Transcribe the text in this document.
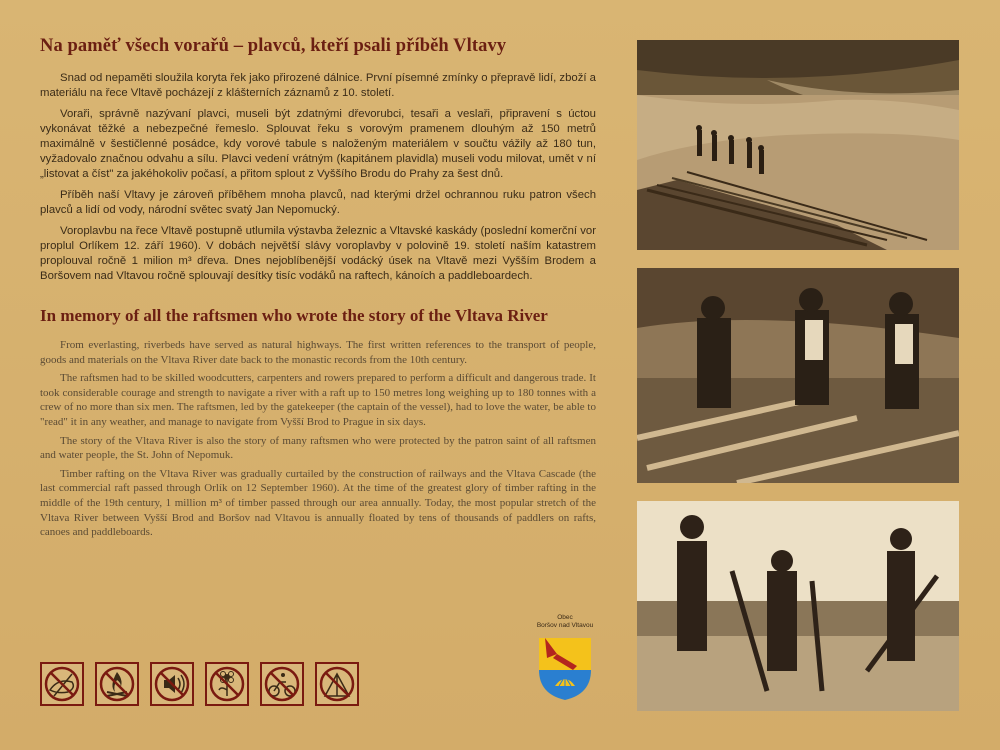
Na paměť všech vorařů – plavců, kteří psali příběh Vltavy

Snad od nepaměti sloužila koryta řek jako přirozené dálnice. První písemné zmínky o přepravě lidí, zboží a materiálu na řece Vltavě pocházejí z klášterních záznamů z 10. století.

Voraři, správně nazývaní plavci, museli být zdatnými dřevorubci, tesaři a veslaři, připravení s úctou vykonávat těžké a nebezpečné řemeslo. Splouvat řeku s vorovým pramenem dlouhým až 150 metrů maximálně v šestičlenné posádce, kdy vorové tabule s naloženým materiálem v součtu vážily až 180 tun, vyžadovalo značnou odvahu a sílu. Plavci vedení vrátným (kapitánem plavidla) museli vodu milovat, umět v ní „listovat a číst" za jakéhokoliv počasí, a přitom splout z Vyššího Brodu do Prahy za šest dnů.

Příběh naší Vltavy je zároveň příběhem mnoha plavců, nad kterými držel ochrannou ruku patron všech plavců a lidí od vody, národní světec svatý Jan Nepomucký.

Voroplavbu na řece Vltavě postupně utlumila výstavba železnic a Vltavské kaskády (poslední komerční vor proplul Orlíkem 12. září 1960). V dobách největší slávy voroplavby v polovině 19. století naším katastrem proplouval ročně 1 milion m³ dřeva. Dnes nejoblíbenější vodácký úsek na Vltavě mezi Vyšším Brodem a Boršovem nad Vltavou ročně splouvají desítky tisíc vodáků na raftech, kánoích a paddleboardech.

In memory of all the raftsmen who wrote the story of the Vltava River

From everlasting, riverbeds have served as natural highways. The first written references to the transport of people, goods and materials on the Vltava River date back to the monastic records from the 10th century.

The raftsmen had to be skilled woodcutters, carpenters and rowers prepared to perform a difficult and dangerous trade. It took considerable courage and strength to navigate a river with a raft up to 150 metres long weighing up to 180 tonnes with a crew of no more than six men. The raftsmen, led by the gatekeeper (the captain of the vessel), had to love the water, be able to "read" it in any weather, and manage to navigate from Vyšší Brod to Prague in six days.

The story of the Vltava River is also the story of many raftsmen who were protected by the patron saint of all raftsmen and water people, the St. John of Nepomuk.

Timber rafting on the Vltava River was gradually curtailed by the construction of railways and the Vltava Cascade (the last commercial raft passed through Orlík on 12 September 1960). At the time of the greatest glory of timber rafting in the middle of the 19th century, 1 million m³ of timber passed through our area annually. Today, the most popular stretch of the Vltava River between Vyšší Brod and Boršov nad Vltavou is annually floated by tens of thousands of paddlers on rafts, canoes and paddleboards.

Obec
Boršov nad Vltavou
